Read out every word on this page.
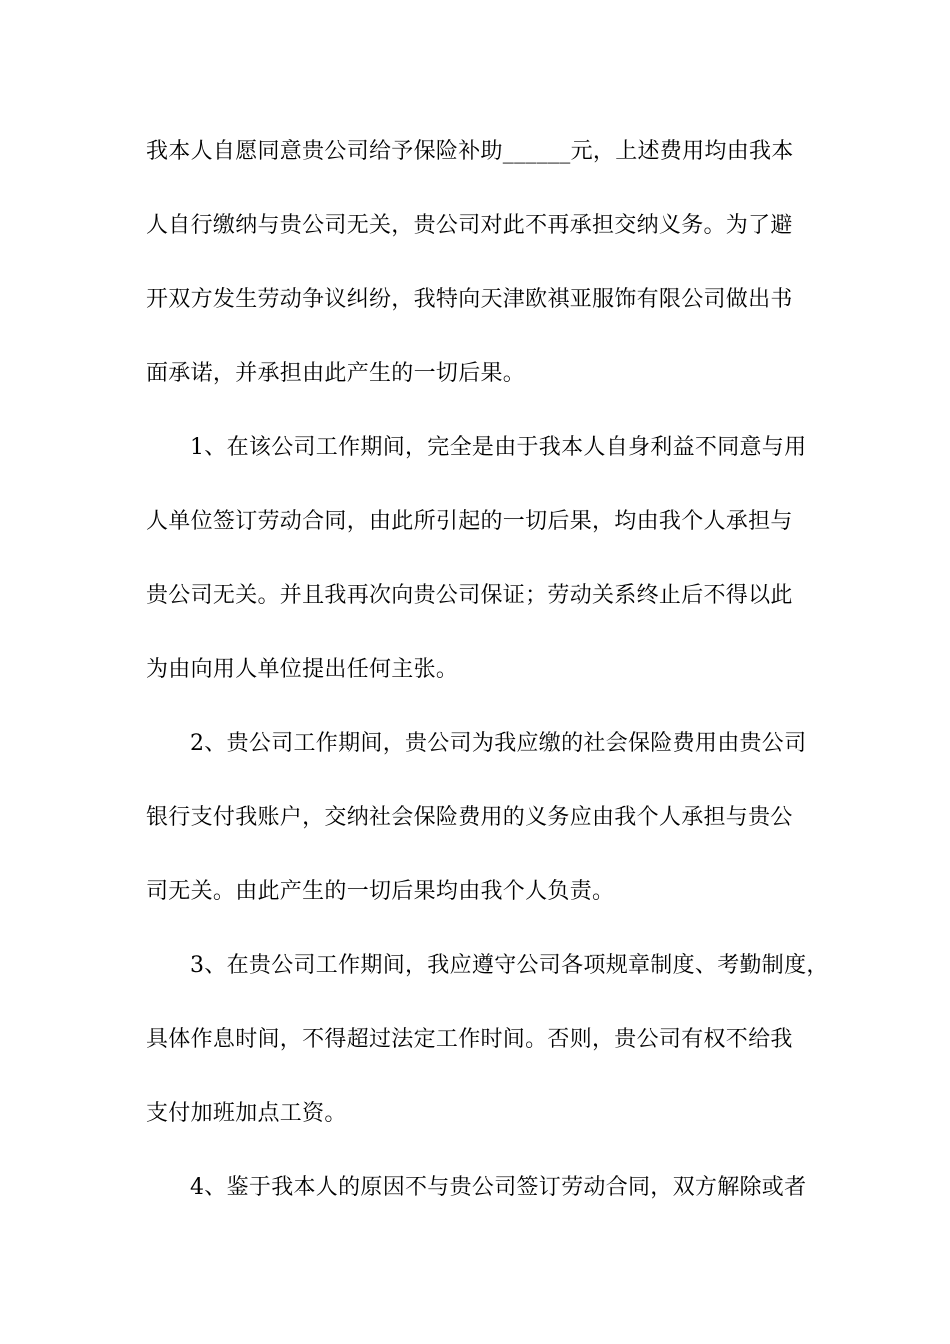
我本人自愿同意贵公司给予保险补助______元，上述费用均由我本
人自行缴纳与贵公司无关，贵公司对此不再承担交纳义务。为了避
开双方发生劳动争议纠纷，我特向天津欧祺亚服饰有限公司做出书
面承诺，并承担由此产生的一切后果。
1、在该公司工作期间，完全是由于我本人自身利益不同意与用
人单位签订劳动合同，由此所引起的一切后果，均由我个人承担与
贵公司无关。并且我再次向贵公司保证；劳动关系终止后不得以此
为由向用人单位提出任何主张。
2、贵公司工作期间，贵公司为我应缴的社会保险费用由贵公司
银行支付我账户，交纳社会保险费用的义务应由我个人承担与贵公
司无关。由此产生的一切后果均由我个人负责。
3、在贵公司工作期间，我应遵守公司各项规章制度、考勤制度，
具体作息时间，不得超过法定工作时间。否则，贵公司有权不给我
支付加班加点工资。
4、鉴于我本人的原因不与贵公司签订劳动合同，双方解除或者
